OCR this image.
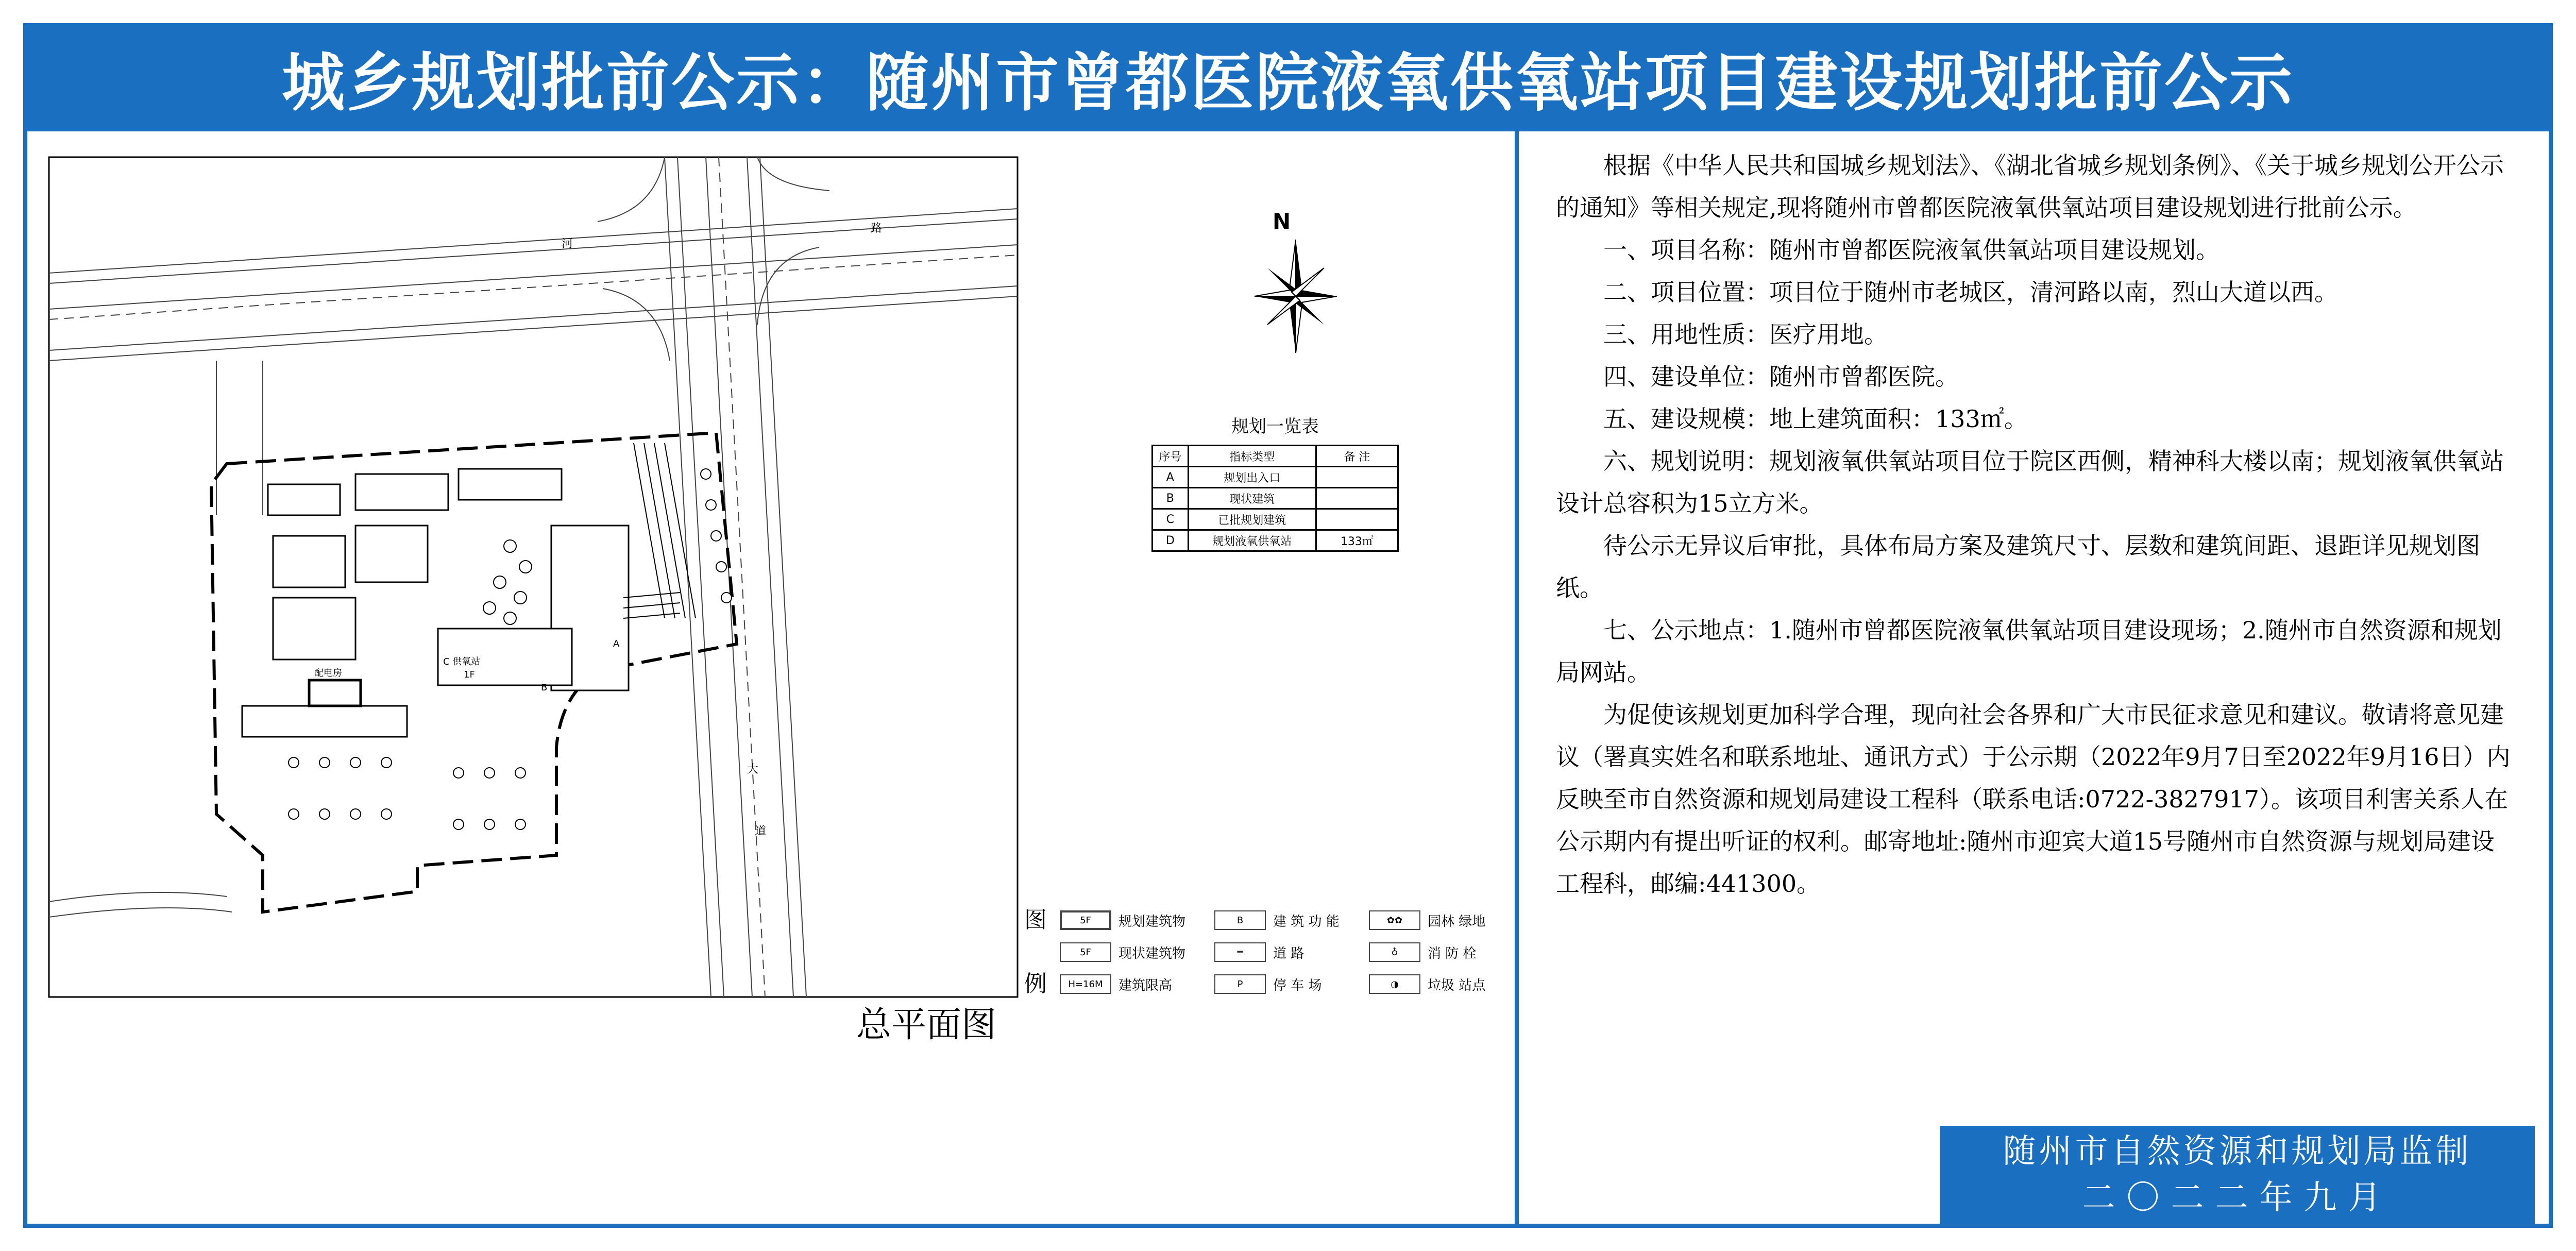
城乡规划批前公示：随州市曾都医院液氧供氧站项目建设规划批前公示
路
河
大
道
配电房
C 供氧站
A
B
1F
总平面图
N
规划一览表
序号	指标类型	备 注
A	规划出入口	
B	现状建筑	
C	已批规划建筑	
D	规划液氧供氧站	133㎡
图
例
5F	规划建筑物	B	建 筑 功 能	✿✿	园林 绿地
5F	现状建筑物	═	道 路	♁	消 防 栓
H=16M	建筑限高	P	停 车 场	◑	垃圾 站点

根据《中华人民共和国城乡规划法》、《湖北省城乡规划条例》、《关于城乡规划公开公示的通知》等相关规定,现将随州市曾都医院液氧供氧站项目建设规划进行批前公示。

一、项目名称：随州市曾都医院液氧供氧站项目建设规划。

二、项目位置：项目位于随州市老城区，清河路以南，烈山大道以西。

三、用地性质：医疗用地。

四、建设单位：随州市曾都医院。

五、建设规模：地上建筑面积：133㎡。

六、规划说明：规划液氧供氧站项目位于院区西侧，精神科大楼以南；规划液氧供氧站设计总容积为15立方米。

待公示无异议后审批，具体布局方案及建筑尺寸、层数和建筑间距、退距详见规划图纸。

七、公示地点：1.随州市曾都医院液氧供氧站项目建设现场；2.随州市自然资源和规划局网站。

为促使该规划更加科学合理，现向社会各界和广大市民征求意见和建议。敬请将意见建议（署真实姓名和联系地址、通讯方式）于公示期（2022年9月7日至2022年9月16日）内反映至市自然资源和规划局建设工程科（联系电话:0722-3827917）。该项目利害关系人在公示期内有提出听证的权利。邮寄地址:随州市迎宾大道15号随州市自然资源与规划局建设工程科，邮编:441300。

随州市自然资源和规划局监制
二〇二二年九月
